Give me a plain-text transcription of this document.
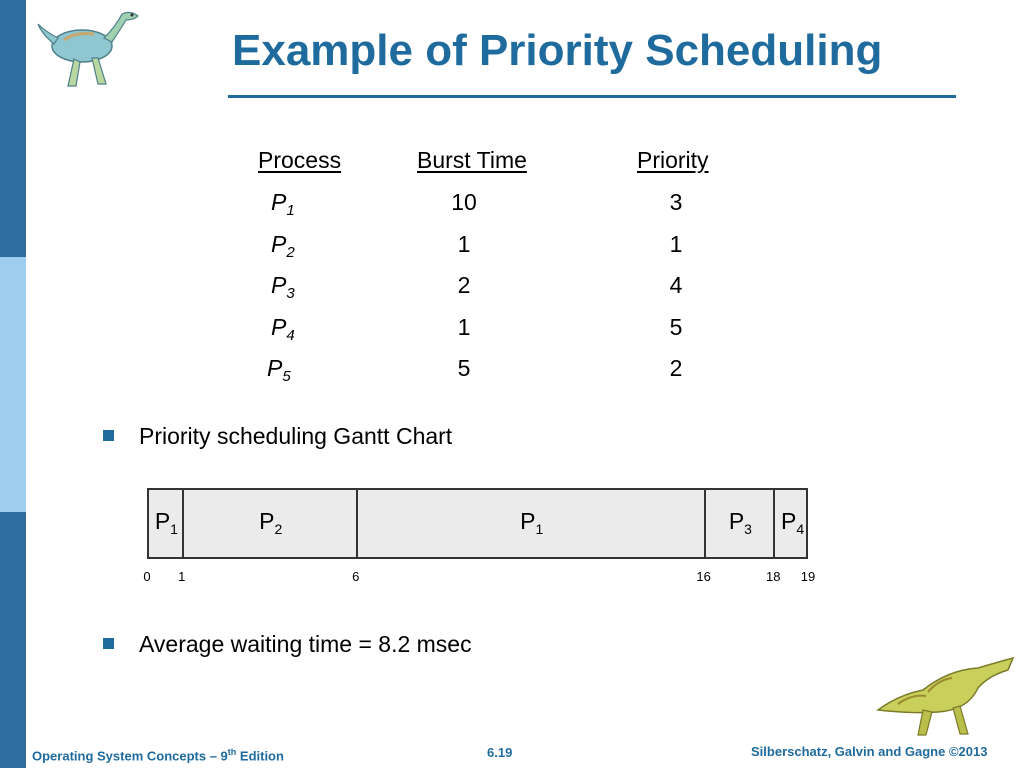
Example of Priority Scheduling
Process	Burst Time	Priority
$P_1$	10	3
$P_2$	1	1
$P_3$	2	4
$P_4$	1	5
$P_5$	5	2
Priority scheduling Gantt Chart
$P_1$	$P_2$	$P_1$	$P_3$ $P_4$
0 1	6	16	18 19
Average waiting time = 8.2 msec
Operating System Concepts – 9th Edition	6.19	Silberschatz, Galvin and Gagne ©2013
